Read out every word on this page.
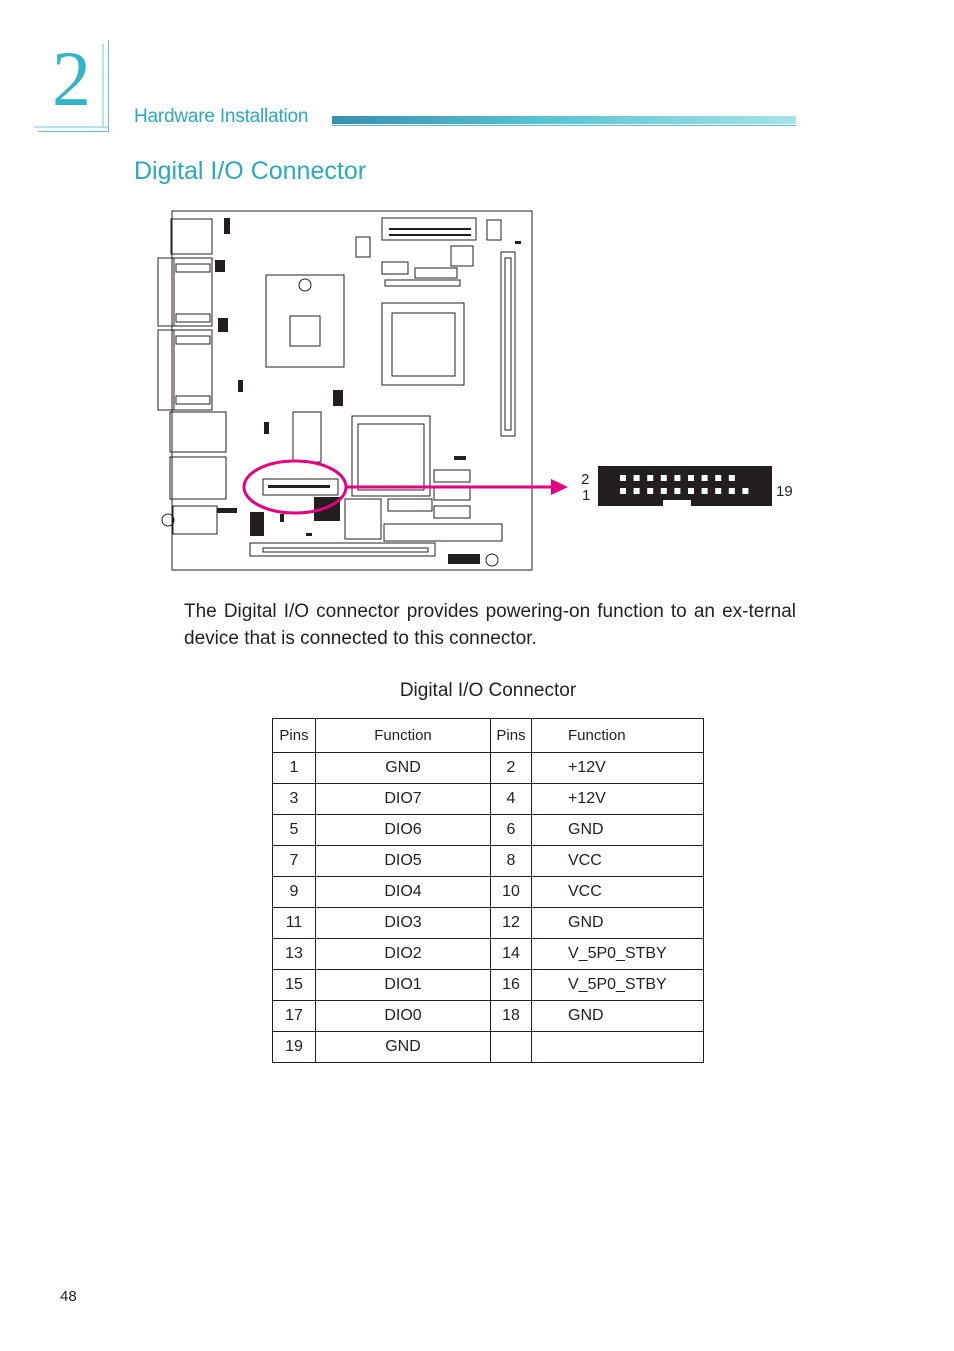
2 Hardware Installation
Digital I/O Connector
2
1	19
The Digital I/O connector provides powering-on function to an ex-ternal device that is connected to this connector.
Digital I/O Connector
Pins	Function	Pins	Function
1	GND	2	+12V
3	DIO7	4	+12V
5	DIO6	6	GND
7	DIO5	8	VCC
9	DIO4	10	VCC
11	DIO3	12	GND
13	DIO2	14	V_5P0_STBY
15	DIO1	16	V_5P0_STBY
17	DIO0	18	GND
19	GND		
48
